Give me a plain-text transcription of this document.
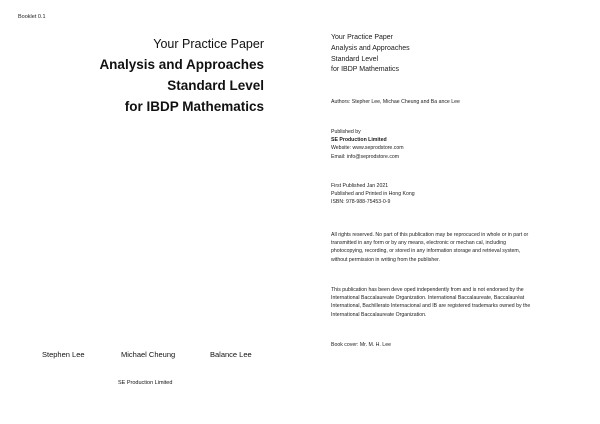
Booklet 0.1
Your Practice Paper
Analysis and Approaches
Standard Level
for IBDP Mathematics
Stephen Lee	Michael Cheung	Balance Lee
SE Production Limited
Your Practice Paper
Analysis and Approaches
Standard Level
for IBDP Mathematics
Authors: Stepher Lee, Michae Cheung and Ba ance Lee
Published by
SE Production Limited
Website: www.seprodstore.com
Email: info@seprodstore.com
First Published Jan 2021
Published and Printed in Hong Kong
ISBN: 978-988-75453-0-9
All rights reserved. No part of this publication may be reprocuced in whole or in part or
transmitted in any form or by any means, electronic or mechan cal, including
photocopying, recording, or stored in any information storage and retrieval system,
without permission in writing from the publisher.
This publication has been deve oped independently from and is not endorsed by the
International Baccalaureate Organization. International Baccalaureate, Baccalauréat
International, Bachillerato Internacional and IB are registered trademarks owned by the
International Baccalaureate Organization.
Book cover: Mr. M. H. Lee
